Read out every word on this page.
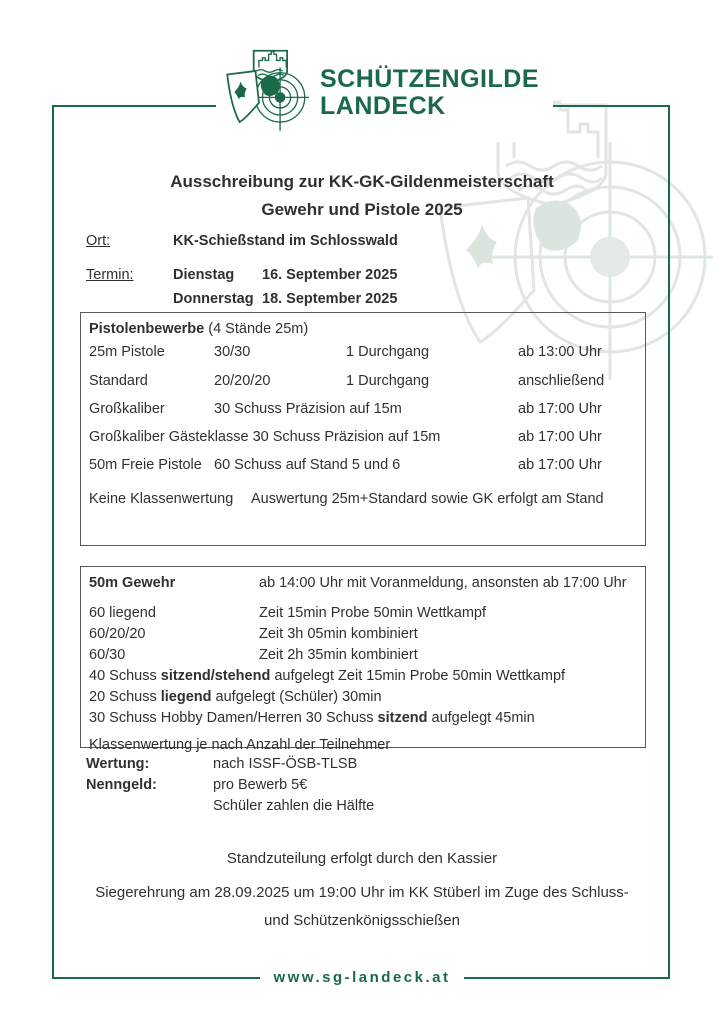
SCHÜTZENGILDE
LANDECK
Ausschreibung zur KK-GK-Gildenmeisterschaft
Gewehr und Pistole 2025
Ort:	KK-Schießstand im Schlosswald
Termin:	Dienstag 16. September 2025
Donnerstag 18. September 2025
Pistolenbewerbe (4 Stände 25m)
25m Pistole	30/30	1 Durchgang	ab 13:00 Uhr
Standard	20/20/20	1 Durchgang	anschließend
Großkaliber	30 Schuss Präzision auf 15m	ab 17:00 Uhr
Großkaliber Gästeklasse 30 Schuss Präzision auf 15m	ab 17:00 Uhr
50m Freie Pistole 60 Schuss auf Stand 5 und 6	ab 17:00 Uhr
Keine Klassenwertung Auswertung 25m+Standard sowie GK erfolgt am Stand
50m Gewehr	ab 14:00 Uhr mit Voranmeldung, ansonsten ab 17:00 Uhr
60 liegend	Zeit 15min Probe 50min Wettkampf
60/20/20	Zeit 3h 05min kombiniert
60/30	Zeit 2h 35min kombiniert
40 Schuss sitzend/stehend aufgelegt Zeit 15min Probe 50min Wettkampf
20 Schuss liegend aufgelegt (Schüler) 30min
30 Schuss Hobby Damen/Herren 30 Schuss sitzend aufgelegt 45min
Klassenwertung je nach Anzahl der Teilnehmer
Wertung:	nach ISSF-ÖSB-TLSB
Nenngeld:	pro Bewerb 5€
Schüler zahlen die Hälfte
Standzuteilung erfolgt durch den Kassier
Siegerehrung am 28.09.2025 um 19:00 Uhr im KK Stüberl im Zuge des Schluss-
und Schützenkönigsschießen
www.sg-landeck.at
